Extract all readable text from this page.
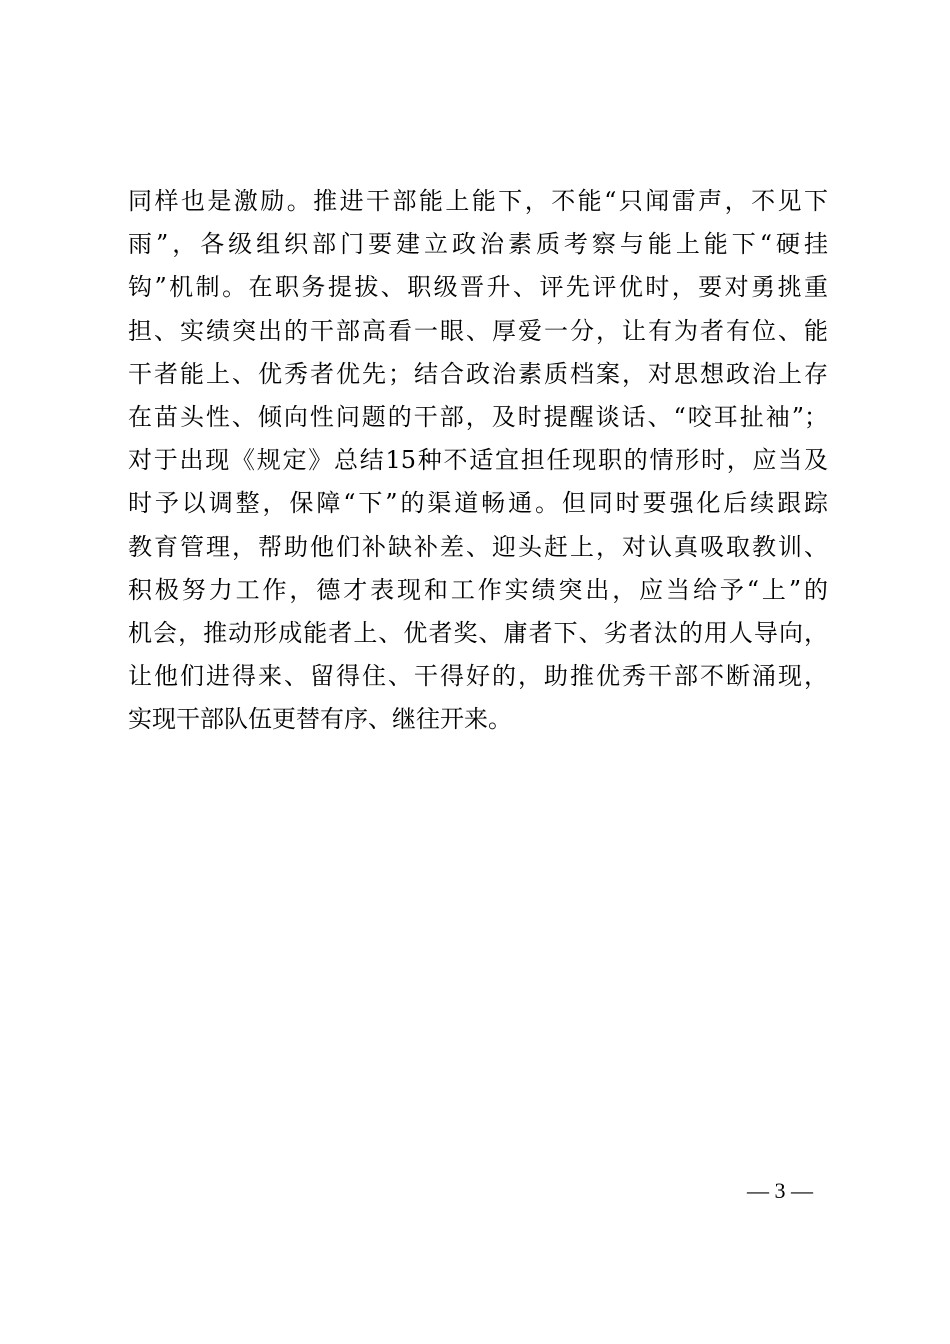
同样也是激励。推进干部能上能下，不能“只闻雷声，不见下
雨”，各级组织部门要建立政治素质考察与能上能下“硬挂
钩”机制。在职务提拔、职级晋升、评先评优时，要对勇挑重
担、实绩突出的干部高看一眼、厚爱一分，让有为者有位、能
干者能上、优秀者优先；结合政治素质档案，对思想政治上存
在苗头性、倾向性问题的干部，及时提醒谈话、“咬耳扯袖”；
对于出现《规定》总结15种不适宜担任现职的情形时，应当及
时予以调整，保障“下”的渠道畅通。但同时要强化后续跟踪
教育管理，帮助他们补缺补差、迎头赶上，对认真吸取教训、
积极努力工作，德才表现和工作实绩突出，应当给予“上”的
机会，推动形成能者上、优者奖、庸者下、劣者汰的用人导向，
让他们进得来、留得住、干得好的，助推优秀干部不断涌现，
实现干部队伍更替有序、继往开来。
— 3 —
